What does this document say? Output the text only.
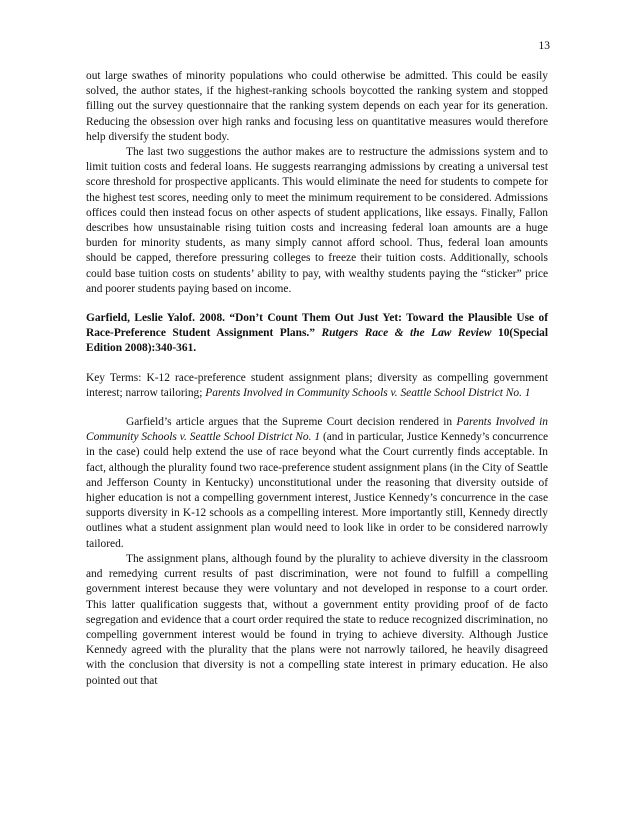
13

out large swathes of minority populations who could otherwise be admitted. This could be easily solved, the author states, if the highest-ranking schools boycotted the ranking system and stopped filling out the survey questionnaire that the ranking system depends on each year for its generation. Reducing the obsession over high ranks and focusing less on quantitative measures would therefore help diversify the student body.

The last two suggestions the author makes are to restructure the admissions system and to limit tuition costs and federal loans. He suggests rearranging admissions by creating a universal test score threshold for prospective applicants. This would eliminate the need for students to compete for the highest test scores, needing only to meet the minimum requirement to be considered. Admissions offices could then instead focus on other aspects of student applications, like essays. Finally, Fallon describes how unsustainable rising tuition costs and increasing federal loan amounts are a huge burden for minority students, as many simply cannot afford school. Thus, federal loan amounts should be capped, therefore pressuring colleges to freeze their tuition costs. Additionally, schools could base tuition costs on students’ ability to pay, with wealthy students paying the “sticker” price and poorer students paying based on income.

Garfield, Leslie Yalof. 2008. “Don’t Count Them Out Just Yet: Toward the Plausible Use of Race-Preference Student Assignment Plans.” Rutgers Race & the Law Review 10(Special Edition 2008):340-361.

Key Terms: K-12 race-preference student assignment plans; diversity as compelling government interest; narrow tailoring; Parents Involved in Community Schools v. Seattle School District No. 1

Garfield’s article argues that the Supreme Court decision rendered in Parents Involved in Community Schools v. Seattle School District No. 1 (and in particular, Justice Kennedy’s concurrence in the case) could help extend the use of race beyond what the Court currently finds acceptable. In fact, although the plurality found two race-preference student assignment plans (in the City of Seattle and Jefferson County in Kentucky) unconstitutional under the reasoning that diversity outside of higher education is not a compelling government interest, Justice Kennedy’s concurrence in the case supports diversity in K-12 schools as a compelling interest. More importantly still, Kennedy directly outlines what a student assignment plan would need to look like in order to be considered narrowly tailored.

The assignment plans, although found by the plurality to achieve diversity in the classroom and remedying current results of past discrimination, were not found to fulfill a compelling government interest because they were voluntary and not developed in response to a court order. This latter qualification suggests that, without a government entity providing proof of de facto segregation and evidence that a court order required the state to reduce recognized discrimination, no compelling government interest would be found in trying to achieve diversity. Although Justice Kennedy agreed with the plurality that the plans were not narrowly tailored, he heavily disagreed with the conclusion that diversity is not a compelling state interest in primary education. He also pointed out that
